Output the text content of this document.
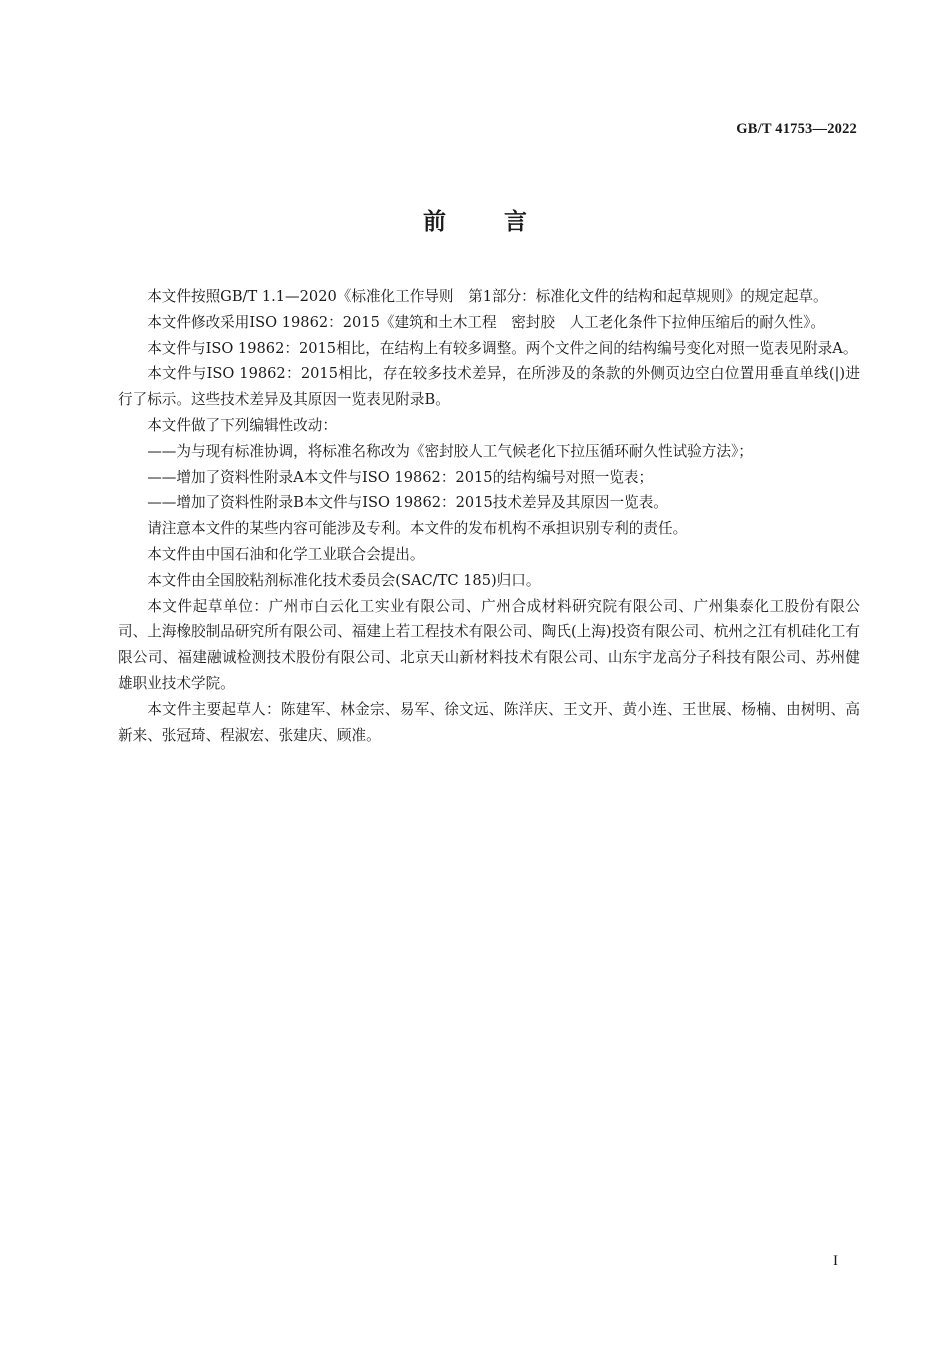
GB/T 41753—2022
前言

本文件按照GB/T 1.1—2020《标准化工作导则　第1部分：标准化文件的结构和起草规则》的规定起草。

本文件修改采用ISO 19862：2015《建筑和土木工程　密封胶　人工老化条件下拉伸压缩后的耐久性》。

本文件与ISO 19862：2015相比，在结构上有较多调整。两个文件之间的结构编号变化对照一览表见附录A。

本文件与ISO 19862：2015相比，存在较多技术差异，在所涉及的条款的外侧页边空白位置用垂直单线(|)进行了标示。这些技术差异及其原因一览表见附录B。

本文件做了下列编辑性改动：

——为与现有标准协调，将标准名称改为《密封胶人工气候老化下拉压循环耐久性试验方法》；

——增加了资料性附录A本文件与ISO 19862：2015的结构编号对照一览表；

——增加了资料性附录B本文件与ISO 19862：2015技术差异及其原因一览表。

请注意本文件的某些内容可能涉及专利。本文件的发布机构不承担识别专利的责任。

本文件由中国石油和化学工业联合会提出。

本文件由全国胶粘剂标准化技术委员会(SAC/TC 185)归口。

本文件起草单位：广州市白云化工实业有限公司、广州合成材料研究院有限公司、广州集泰化工股份有限公司、上海橡胶制品研究所有限公司、福建上若工程技术有限公司、陶氏(上海)投资有限公司、杭州之江有机硅化工有限公司、福建融诚检测技术股份有限公司、北京天山新材料技术有限公司、山东宇龙高分子科技有限公司、苏州健雄职业技术学院。

本文件主要起草人：陈建军、林金宗、易军、徐文远、陈洋庆、王文开、黄小连、王世展、杨楠、由树明、高新来、张冠琦、程淑宏、张建庆、顾准。

I
